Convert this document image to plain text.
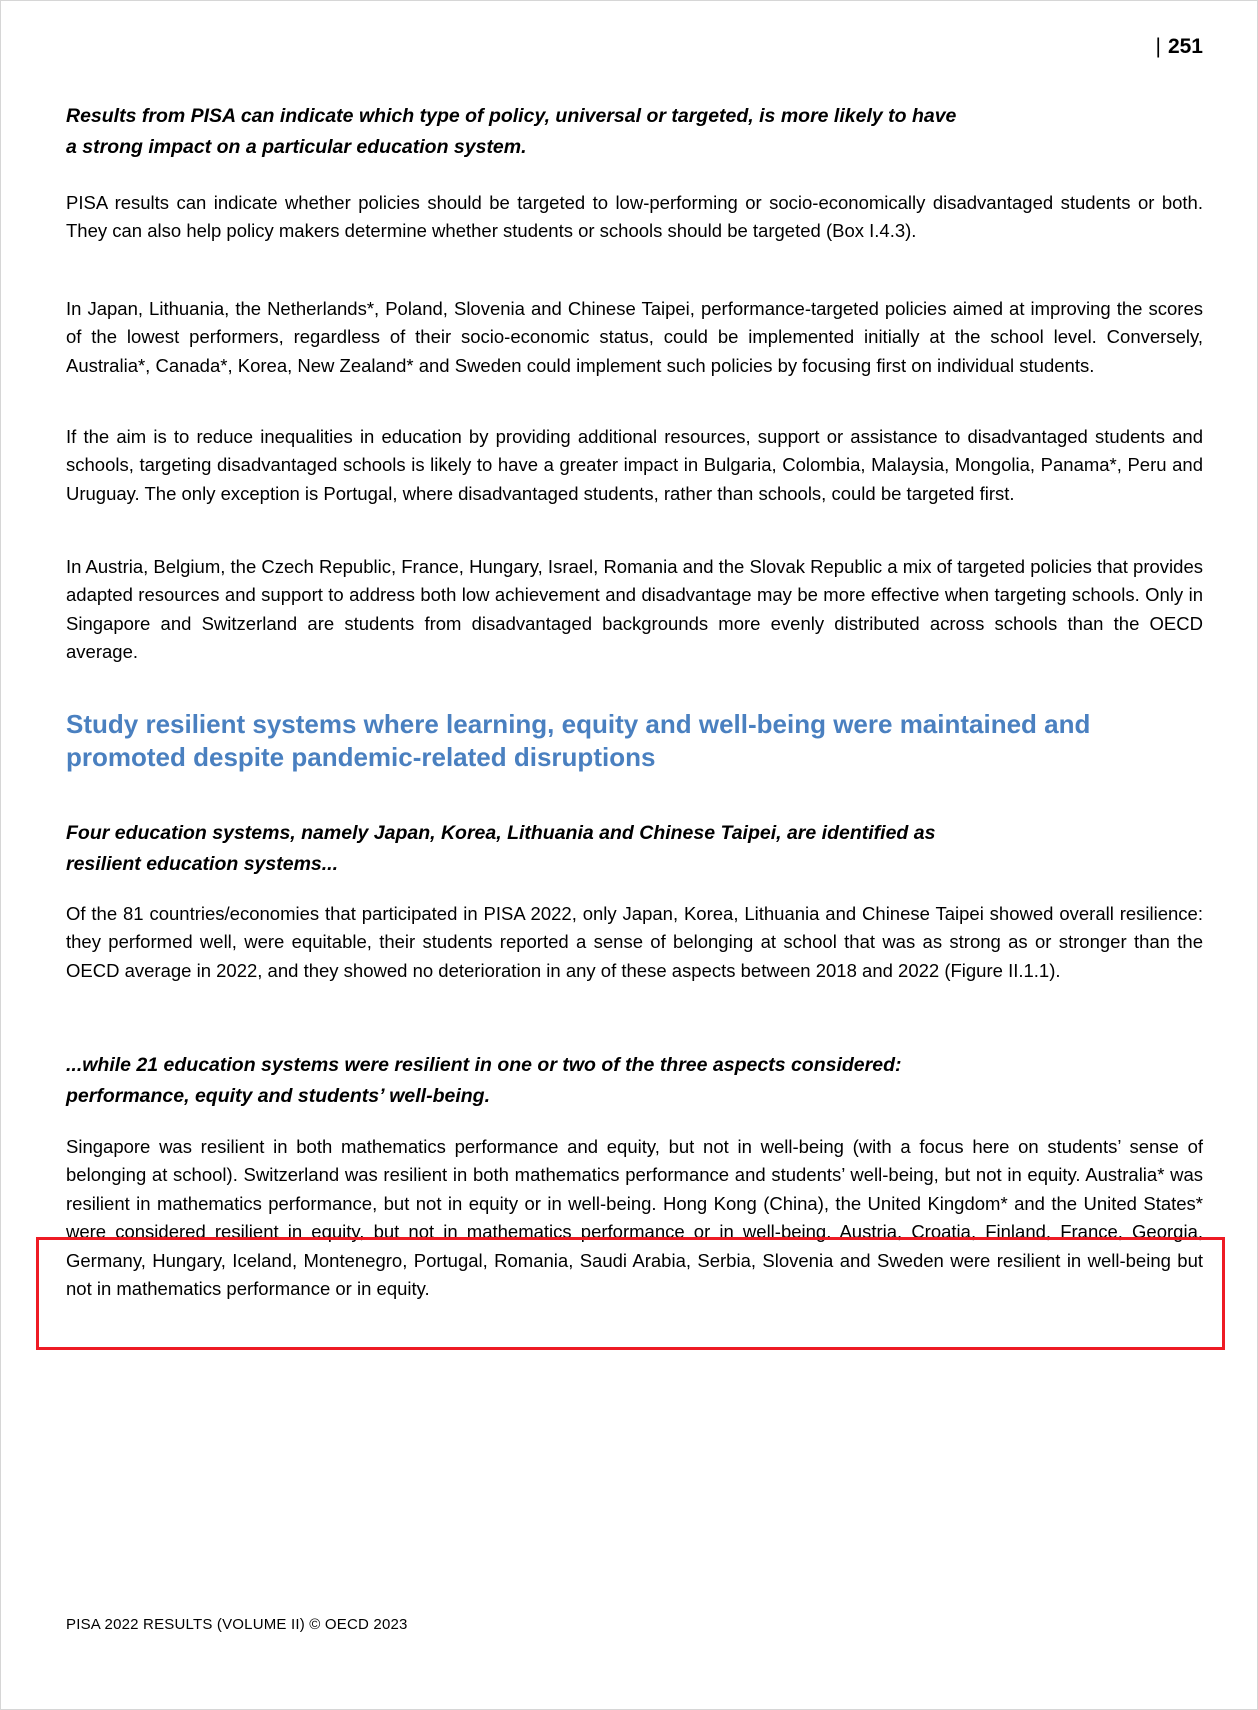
| 251
Results from PISA can indicate which type of policy, universal or targeted, is more likely to have
a strong impact on a particular education system.

PISA results can indicate whether policies should be targeted to low-performing or socio-economically disadvantaged students or both. They can also help policy makers determine whether students or schools should be targeted (Box I.4.3).

In Japan, Lithuania, the Netherlands*, Poland, Slovenia and Chinese Taipei, performance-targeted policies aimed at improving the scores of the lowest performers, regardless of their socio-economic status, could be implemented initially at the school level. Conversely, Australia*, Canada*, Korea, New Zealand* and Sweden could implement such policies by focusing first on individual students.

If the aim is to reduce inequalities in education by providing additional resources, support or assistance to disadvantaged students and schools, targeting disadvantaged schools is likely to have a greater impact in Bulgaria, Colombia, Malaysia, Mongolia, Panama*, Peru and Uruguay. The only exception is Portugal, where disadvantaged students, rather than schools, could be targeted first.

In Austria, Belgium, the Czech Republic, France, Hungary, Israel, Romania and the Slovak Republic a mix of targeted policies that provides adapted resources and support to address both low achievement and disadvantage may be more effective when targeting schools. Only in Singapore and Switzerland are students from disadvantaged backgrounds more evenly distributed across schools than the OECD average.

Study resilient systems where learning, equity and well-being were maintained and
promoted despite pandemic-related disruptions
Four education systems, namely Japan, Korea, Lithuania and Chinese Taipei, are identified as
resilient education systems...

Of the 81 countries/economies that participated in PISA 2022, only Japan, Korea, Lithuania and Chinese Taipei showed overall resilience: they performed well, were equitable, their students reported a sense of belonging at school that was as strong as or stronger than the OECD average in 2022, and they showed no deterioration in any of these aspects between 2018 and 2022 (Figure II.1.1).

...while 21 education systems were resilient in one or two of the three aspects considered:
performance, equity and students’ well-being.

Singapore was resilient in both mathematics performance and equity, but not in well-being (with a focus here on students’ sense of belonging at school). Switzerland was resilient in both mathematics performance and students’ well-being, but not in equity. Australia* was resilient in mathematics performance, but not in equity or in well-being. Hong Kong (China), the United Kingdom* and the United States* were considered resilient in equity, but not in mathematics performance or in well-being. Austria, Croatia, Finland, France, Georgia, Germany, Hungary, Iceland, Montenegro, Portugal, Romania, Saudi Arabia, Serbia, Slovenia and Sweden were resilient in well-being but not in mathematics performance or in equity.

PISA 2022 RESULTS (VOLUME II) © OECD 2023
